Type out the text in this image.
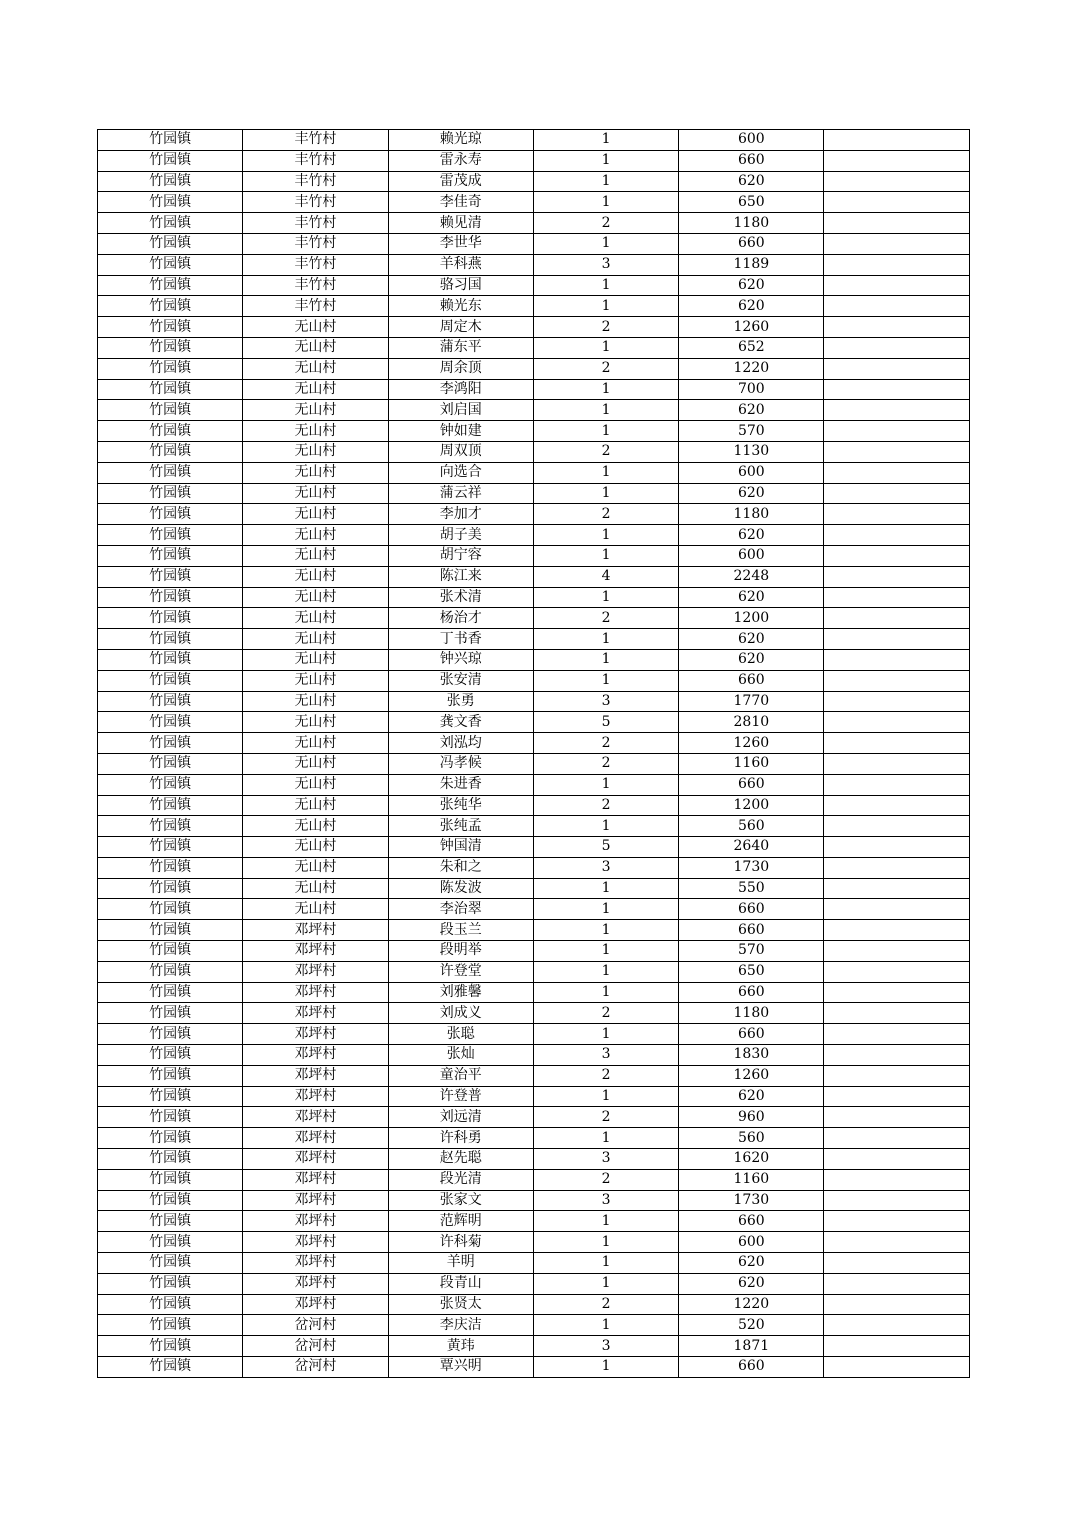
竹园镇	丰竹村	赖光琼	1	600	
竹园镇	丰竹村	雷永寿	1	660	
竹园镇	丰竹村	雷茂成	1	620	
竹园镇	丰竹村	李佳奇	1	650	
竹园镇	丰竹村	赖见清	2	1180	
竹园镇	丰竹村	李世华	1	660	
竹园镇	丰竹村	羊科燕	3	1189	
竹园镇	丰竹村	骆习国	1	620	
竹园镇	丰竹村	赖光东	1	620	
竹园镇	无山村	周定木	2	1260	
竹园镇	无山村	蒲东平	1	652	
竹园镇	无山村	周余顶	2	1220	
竹园镇	无山村	李鸿阳	1	700	
竹园镇	无山村	刘启国	1	620	
竹园镇	无山村	钟如建	1	570	
竹园镇	无山村	周双顶	2	1130	
竹园镇	无山村	向选合	1	600	
竹园镇	无山村	蒲云祥	1	620	
竹园镇	无山村	李加才	2	1180	
竹园镇	无山村	胡子美	1	620	
竹园镇	无山村	胡宁容	1	600	
竹园镇	无山村	陈江来	4	2248	
竹园镇	无山村	张术清	1	620	
竹园镇	无山村	杨治才	2	1200	
竹园镇	无山村	丁书香	1	620	
竹园镇	无山村	钟兴琼	1	620	
竹园镇	无山村	张安清	1	660	
竹园镇	无山村	张勇	3	1770	
竹园镇	无山村	龚文香	5	2810	
竹园镇	无山村	刘泓均	2	1260	
竹园镇	无山村	冯孝候	2	1160	
竹园镇	无山村	朱进香	1	660	
竹园镇	无山村	张纯华	2	1200	
竹园镇	无山村	张纯孟	1	560	
竹园镇	无山村	钟国清	5	2640	
竹园镇	无山村	朱和之	3	1730	
竹园镇	无山村	陈发波	1	550	
竹园镇	无山村	李治翠	1	660	
竹园镇	邓坪村	段玉兰	1	660	
竹园镇	邓坪村	段明举	1	570	
竹园镇	邓坪村	许登堂	1	650	
竹园镇	邓坪村	刘雅馨	1	660	
竹园镇	邓坪村	刘成义	2	1180	
竹园镇	邓坪村	张聪	1	660	
竹园镇	邓坪村	张灿	3	1830	
竹园镇	邓坪村	童治平	2	1260	
竹园镇	邓坪村	许登普	1	620	
竹园镇	邓坪村	刘远清	2	960	
竹园镇	邓坪村	许科勇	1	560	
竹园镇	邓坪村	赵先聪	3	1620	
竹园镇	邓坪村	段光清	2	1160	
竹园镇	邓坪村	张家文	3	1730	
竹园镇	邓坪村	范辉明	1	660	
竹园镇	邓坪村	许科菊	1	600	
竹园镇	邓坪村	羊明	1	620	
竹园镇	邓坪村	段青山	1	620	
竹园镇	邓坪村	张贤太	2	1220	
竹园镇	岔河村	李庆洁	1	520	
竹园镇	岔河村	黄玮	3	1871	
竹园镇	岔河村	覃兴明	1	660	
